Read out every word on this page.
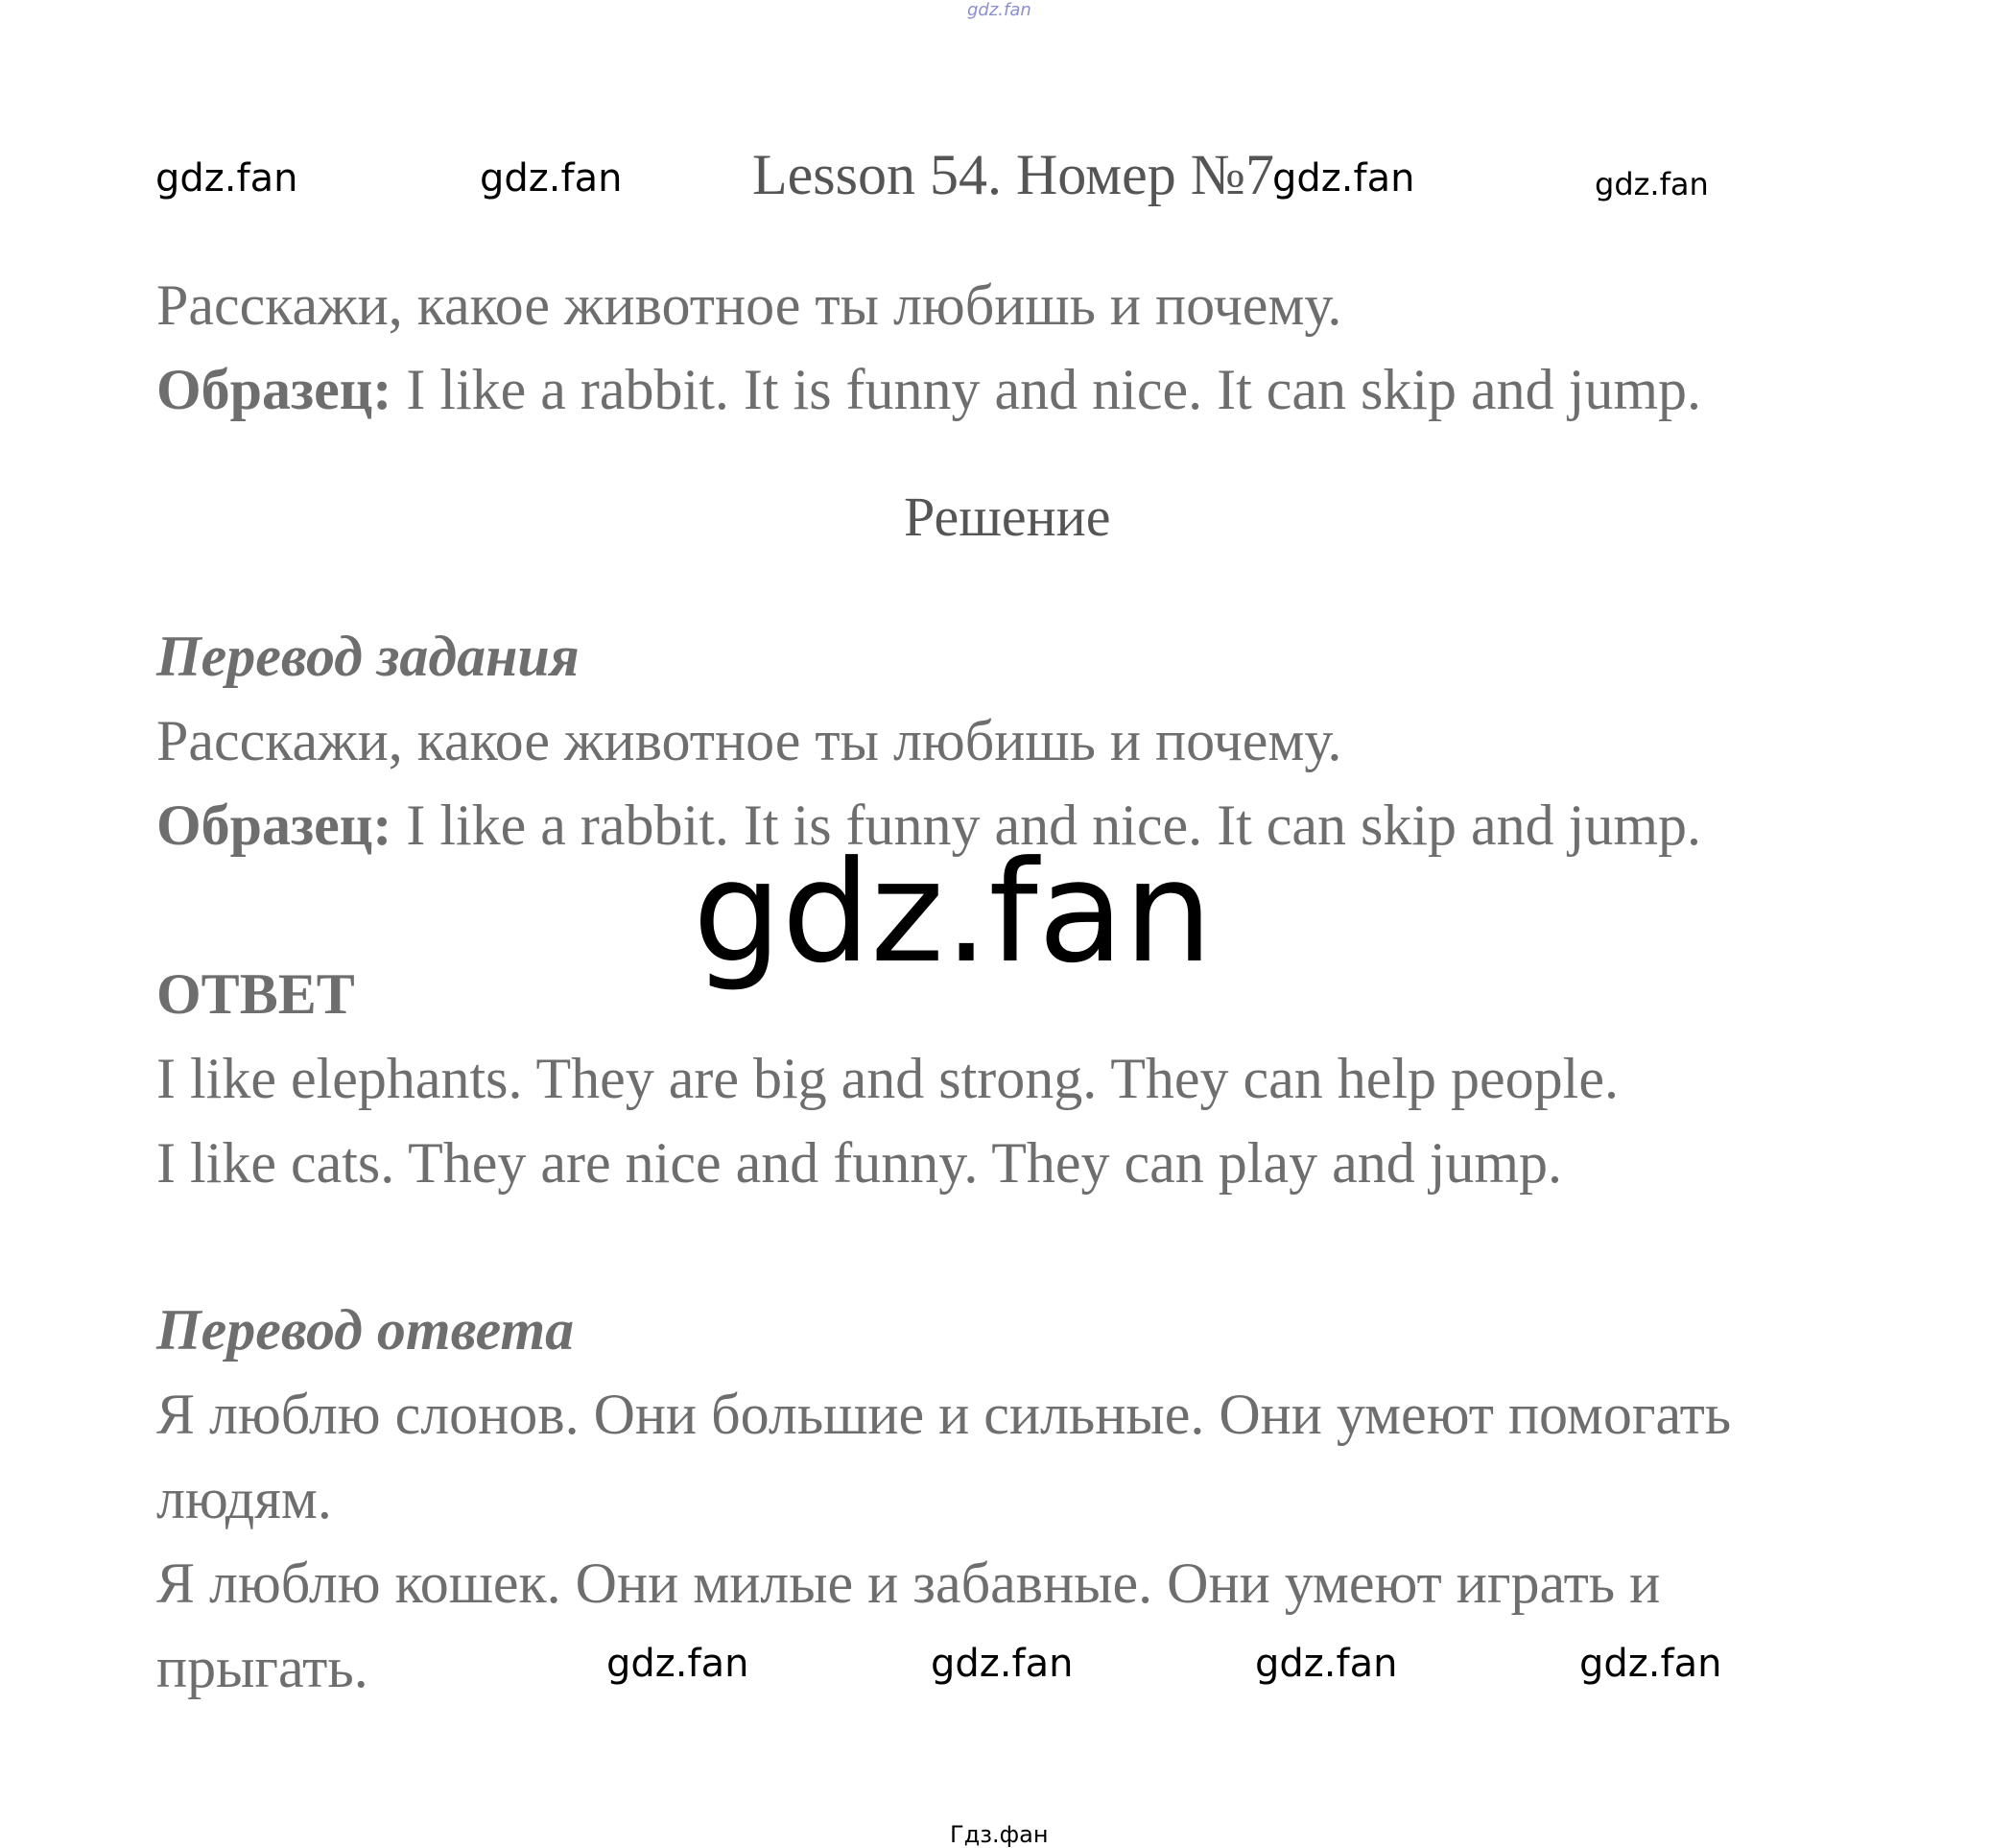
gdz.fan
gdz.fan	gdz.fan Lesson 54. Номер №7
gdz.fan	gdz.fan
Расскажи, какое животное ты любишь и почему.
Образец: I like a rabbit. It is funny and nice. It can skip and jump.
Решение
Перевод задания
Расскажи, какое животное ты любишь и почему.
Образец: I like a rabbit. It is funny and nice. It can skip and jump.
gdz.fan
ОТВЕТ
I like elephants. They are big and strong. They can help people.
I like cats. They are nice and funny. They can play and jump.
Перевод ответа
Я люблю слонов. Они большие и сильные. Они умеют помогать
людям.
Я люблю кошек. Они милые и забавные. Они умеют играть и
прыгать.	gdz.fan	gdz.fan	gdz.fan	gdz.fan
Гдз.фан
